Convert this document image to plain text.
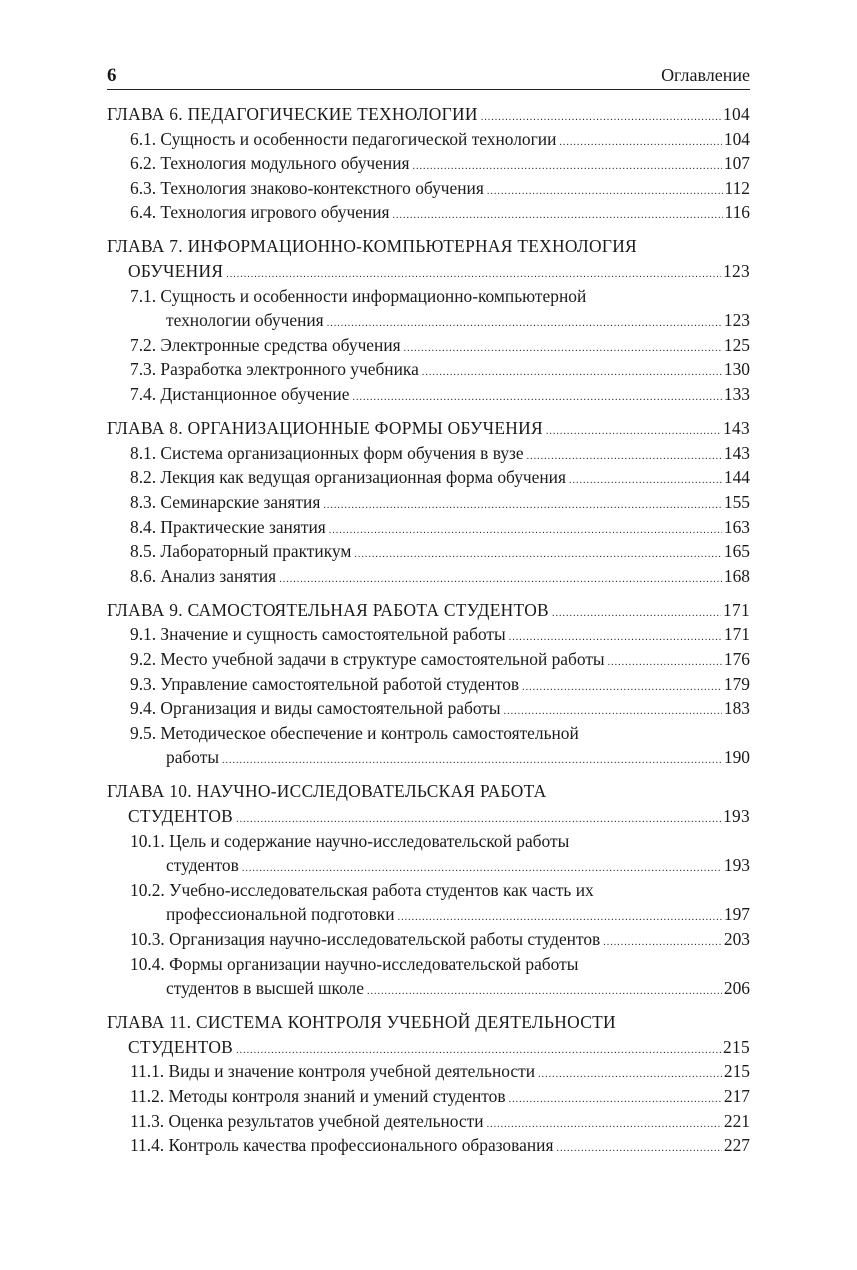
6	Оглавление
ГЛАВА 6. ПЕДАГОГИЧЕСКИЕ ТЕХНОЛОГИИ .....	104
6.1. Сущность и особенности педагогической технологии .....	104
6.2. Технология модульного обучения .....	107
6.3. Технология знаково-контекстного обучения .....	112
6.4. Технология игрового обучения .....	116
ГЛАВА 7. ИНФОРМАЦИОННО-КОМПЬЮТЕРНАЯ ТЕХНОЛОГИЯ
ОБУЧЕНИЯ .....	123
7.1. Сущность и особенности информационно-компьютерной
технологии обучения .....	123
7.2. Электронные средства обучения .....	125
7.3. Разработка электронного учебника .....	130
7.4. Дистанционное обучение .....	133
ГЛАВА 8. ОРГАНИЗАЦИОННЫЕ ФОРМЫ ОБУЧЕНИЯ .....	143
8.1. Система организационных форм обучения в вузе .....	143
8.2. Лекция как ведущая организационная форма обучения .....	144
8.3. Семинарские занятия .....	155
8.4. Практические занятия .....	163
8.5. Лабораторный практикум .....	165
8.6. Анализ занятия .....	168
ГЛАВА 9. САМОСТОЯТЕЛЬНАЯ РАБОТА СТУДЕНТОВ .....	171
9.1. Значение и сущность самостоятельной работы .....	171
9.2. Место учебной задачи в структуре самостоятельной работы .....	176
9.3. Управление самостоятельной работой студентов .....	179
9.4. Организация и виды самостоятельной работы .....	183
9.5. Методическое обеспечение и контроль самостоятельной
работы .....	190
ГЛАВА 10. НАУЧНО-ИССЛЕДОВАТЕЛЬСКАЯ РАБОТА
СТУДЕНТОВ .....	193
10.1. Цель и содержание научно-исследовательской работы
студентов .....	193
10.2. Учебно-исследовательская работа студентов как часть их
профессиональной подготовки .....	197
10.3. Организация научно-исследовательской работы студентов .....	203
10.4. Формы организации научно-исследовательской работы
студентов в высшей школе .....	206
ГЛАВА 11. СИСТЕМА КОНТРОЛЯ УЧЕБНОЙ ДЕЯТЕЛЬНОСТИ
СТУДЕНТОВ .....	215
11.1. Виды и значение контроля учебной деятельности .....	215
11.2. Методы контроля знаний и умений студентов .....	217
11.3. Оценка результатов учебной деятельности .....	221
11.4. Контроль качества профессионального образования .....	227
